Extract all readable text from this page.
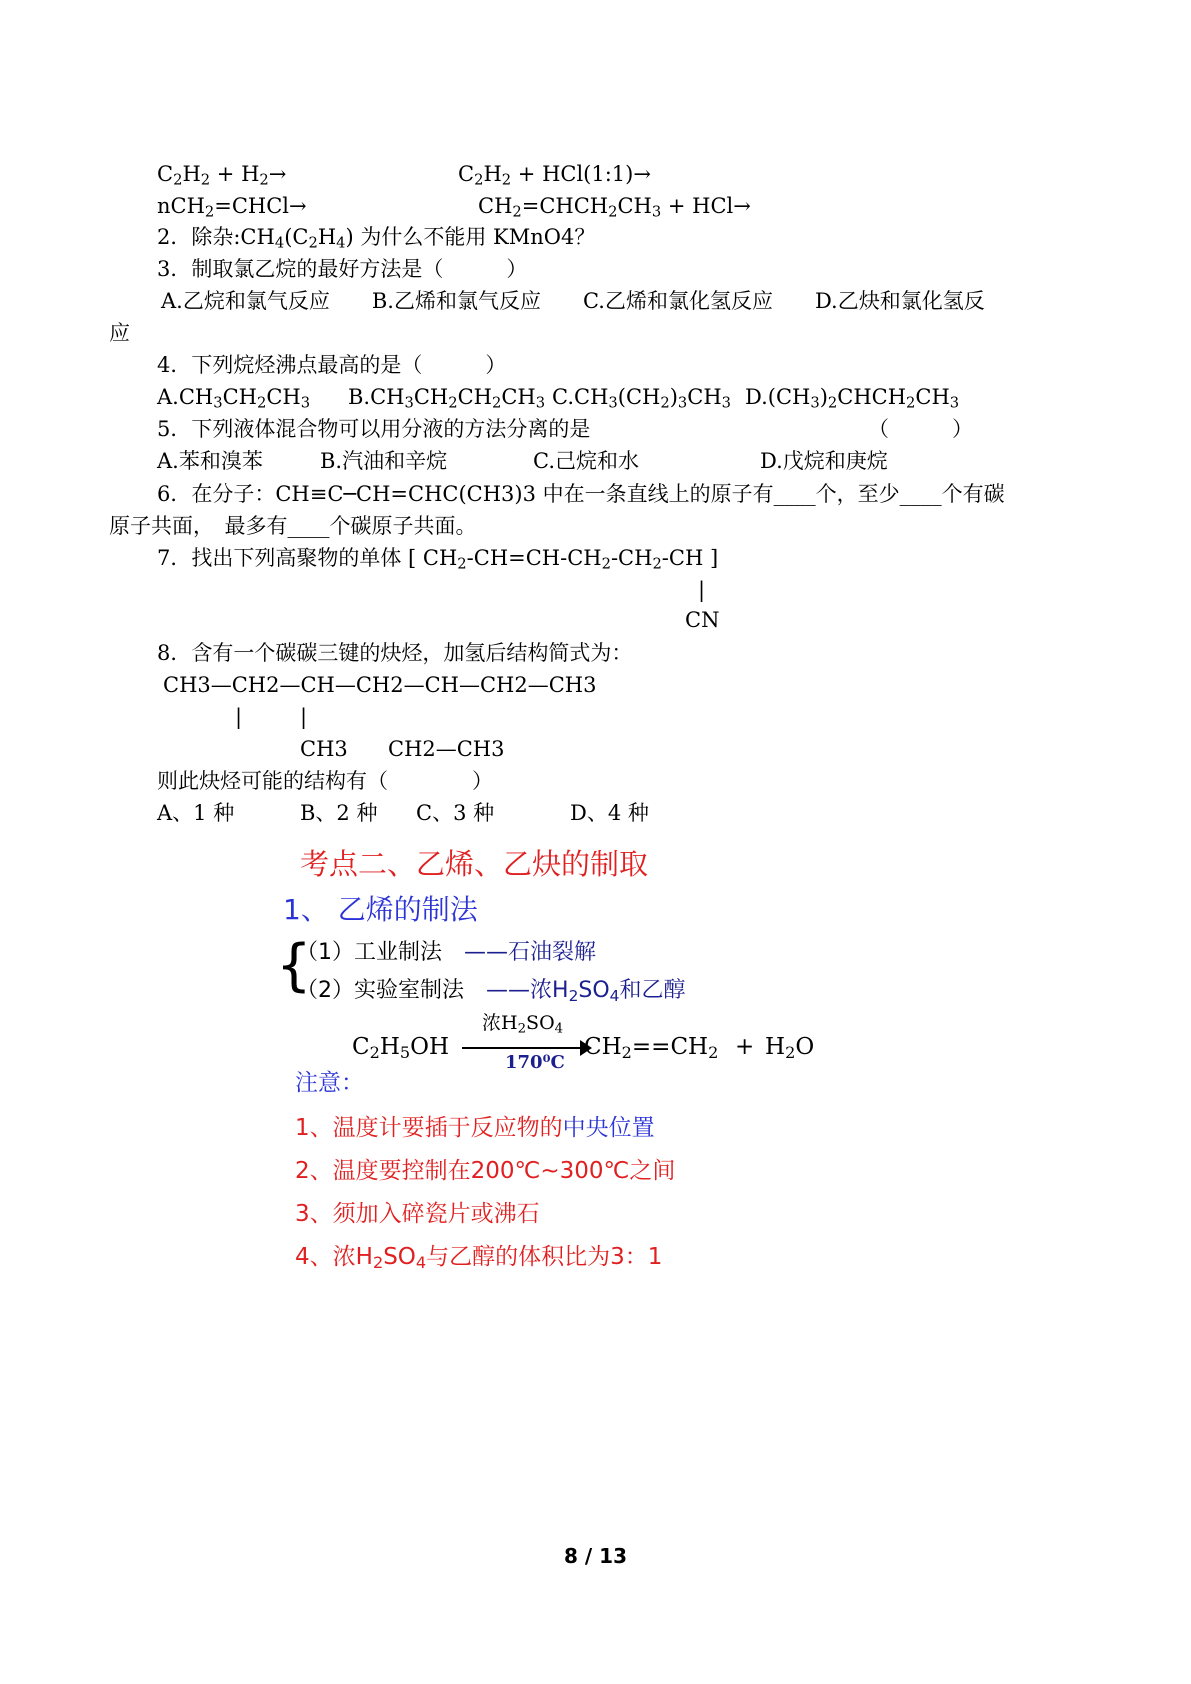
$C_2H_2 + H_2\to$	$C_2H_2$ + HCl(1:1)→
nCH$_2$=CHCl→	$CH_2=CHCH_2CH_3 + HCl\to$
2．除杂$:CH_4(C_2H_4)$ 为什么不能用 KMnO4？
3．制取氯乙烷的最好方法是（　　　）
A.乙烷和氯气反应　　B.乙烯和氯气反应　　C.乙烯和氯化氢反应　　D.乙炔和氯化氢反
应
4．下列烷烃沸点最高的是（　　　）
$A.CH_3CH_2CH_3$ $B.CH_3CH_2CH_2CH_3$ $C.CH_3(CH_2)_3CH_3$ $D.(CH_3)_2CHCH_2CH_3$
5．下列液体混合物可以用分液的方法分离的是	（　　　）
A.苯和溴苯	B.汽油和辛烷	C.己烷和水	D.戊烷和庚烷
6．在分子：CH≡C─CH=CHC(CH3)3 中在一条直线上的原子有____个，至少____个有碳
原子共面，　最多有____个碳原子共面。
7．找出下列高聚物的单体 [ $CH_2-CH=CH-CH_2-CH_2-CH$ ]
|
CN
8．含有一个碳碳三键的炔烃，加氢后结构简式为：
CH3—CH2—CH—CH2—CH—CH2—CH3
|	|
CH3 CH2—CH3
则此炔烃可能的结构有（　　　　）
A、1 种	B、2 种 C、3 种	D、4 种
考点二、乙烯、乙炔的制取
1、 乙烯的制法
{
（1）工业制法　 ——石油裂解
（2）实验室制法　 ——浓$H_2SO_4$和乙醇
$C_2H_5OH$
浓$H_2SO_4$
170⁰C
$CH_2==CH_2 + H_2O$
注意：
1、温度计要插于反应物的中央位置
2、温度要控制在200℃~300℃之间
3、须加入碎瓷片或沸石
4、浓$H_2SO_4$与乙醇的体积比为3：1
8 / 13
